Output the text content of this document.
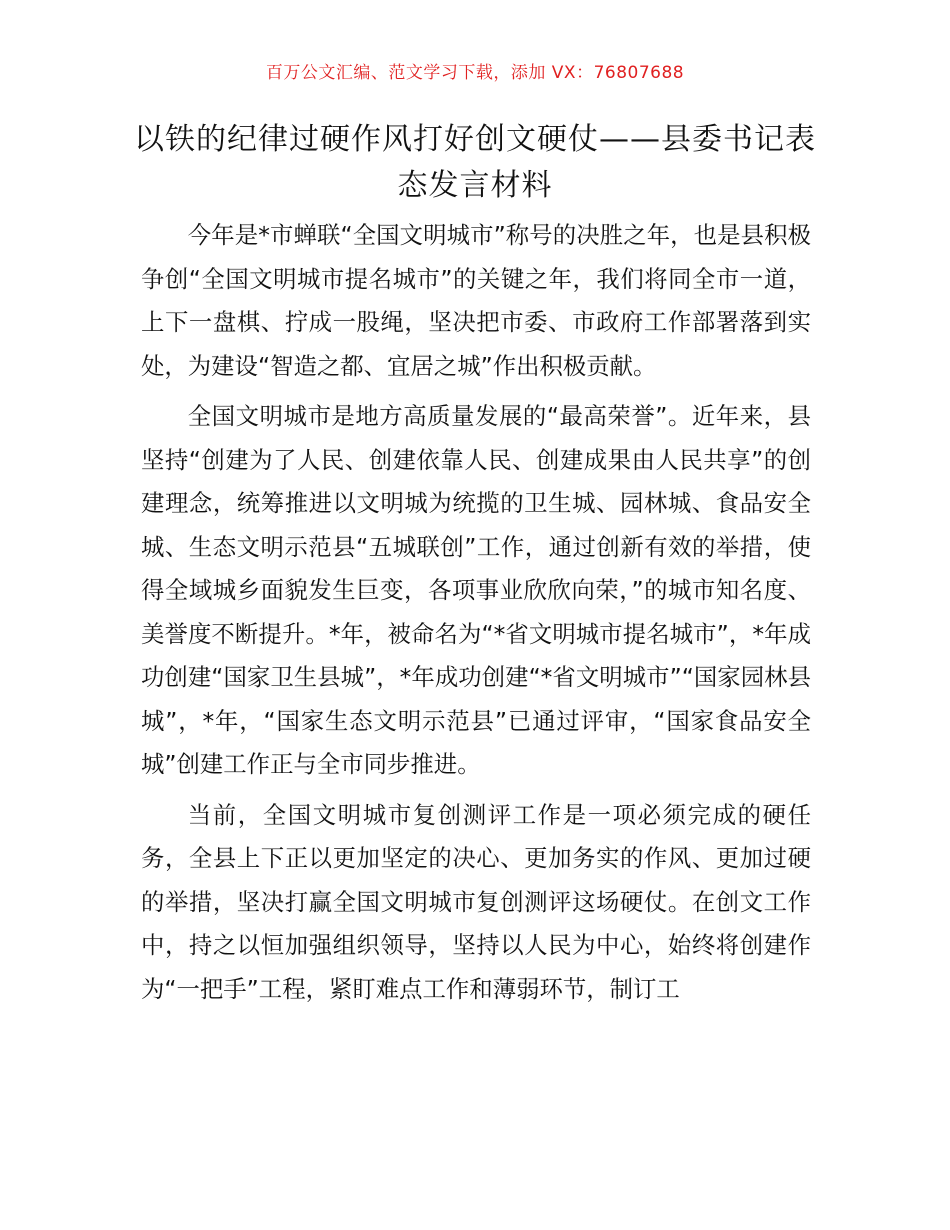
百万公文汇编、范文学习下载，添加 VX：76807688
以铁的纪律过硬作风打好创文硬仗——县委书记表态发言材料

今年是*市蝉联“全国文明城市”称号的决胜之年，也是县积极争创“全国文明城市提名城市”的关键之年，我们将同全市一道，上下一盘棋、拧成一股绳，坚决把市委、市政府工作部署落到实处，为建设“智造之都、宜居之城”作出积极贡献。

全国文明城市是地方高质量发展的“最高荣誉”。近年来，县坚持“创建为了人民、创建依靠人民、创建成果由人民共享”的创建理念，统筹推进以文明城为统揽的卫生城、园林城、食品安全城、生态文明示范县“五城联创”工作，通过创新有效的举措，使得全域城乡面貌发生巨变，各项事业欣欣向荣，”的城市知名度、美誉度不断提升。*年，被命名为“*省文明城市提名城市”，*年成功创建“国家卫生县城”，*年成功创建“*省文明城市”“国家园林县城”，*年，“国家生态文明示范县”已通过评审，“国家食品安全城”创建工作正与全市同步推进。

当前，全国文明城市复创测评工作是一项必须完成的硬任务，全县上下正以更加坚定的决心、更加务实的作风、更加过硬的举措，坚决打赢全国文明城市复创测评这场硬仗。在创文工作中，持之以恒加强组织领导，坚持以人民为中心，始终将创建作为“一把手”工程，紧盯难点工作和薄弱环节，制订工
